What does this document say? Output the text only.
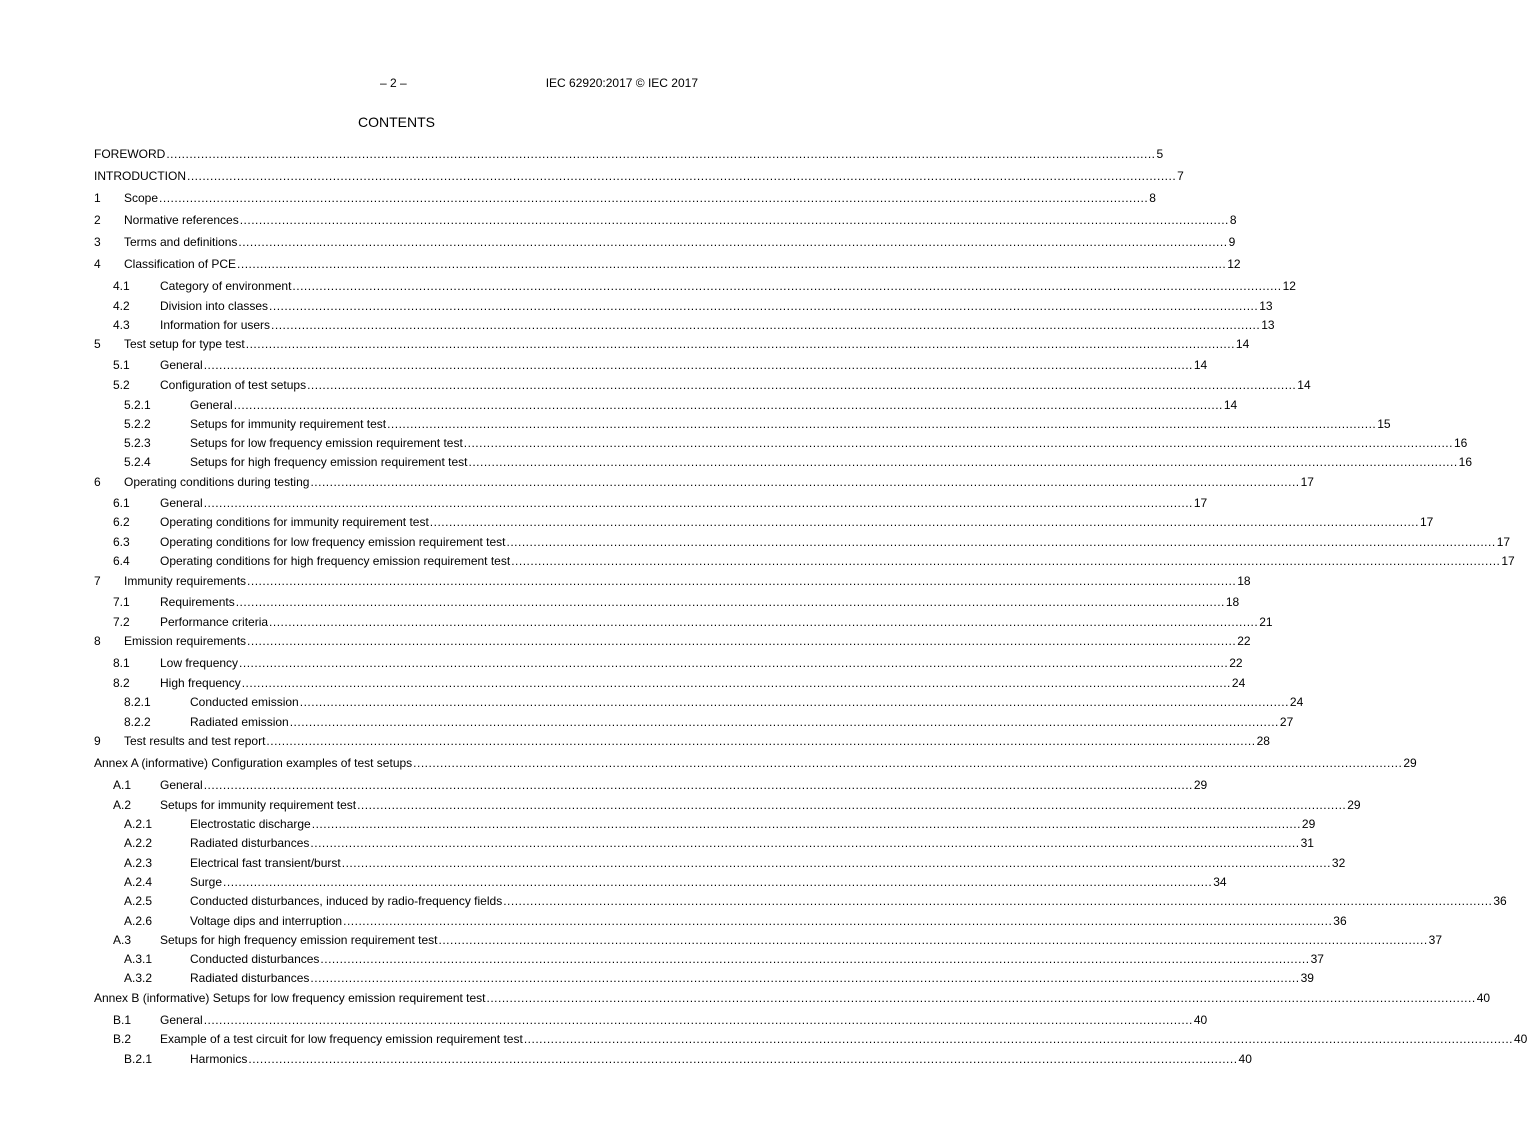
– 2 –	IEC 62920:2017 © IEC 2017
CONTENTS
FOREWORD .................................................................................................................................................................................................................................................................. 5
INTRODUCTION .................................................................................................................................................................................................................................................................. 7
1	Scope .................................................................................................................................................................................................................................................................. 8
2	Normative references .................................................................................................................................................................................................................................................................. 8
3	Terms and definitions .................................................................................................................................................................................................................................................................. 9
4	Classification of PCE .................................................................................................................................................................................................................................................................. 12
4.1	Category of environment .................................................................................................................................................................................................................................................................. 12
4.2	Division into classes .................................................................................................................................................................................................................................................................. 13
4.3	Information for users .................................................................................................................................................................................................................................................................. 13
5	Test setup for type test .................................................................................................................................................................................................................................................................. 14
5.1	General .................................................................................................................................................................................................................................................................. 14
5.2	Configuration of test setups .................................................................................................................................................................................................................................................................. 14
5.2.1	General .................................................................................................................................................................................................................................................................. 14
5.2.2	Setups for immunity requirement test .................................................................................................................................................................................................................................................................. 15
5.2.3	Setups for low frequency emission requirement test .................................................................................................................................................................................................................................................................. 16
5.2.4	Setups for high frequency emission requirement test .................................................................................................................................................................................................................................................................. 16
6	Operating conditions during testing .................................................................................................................................................................................................................................................................. 17
6.1	General .................................................................................................................................................................................................................................................................. 17
6.2	Operating conditions for immunity requirement test .................................................................................................................................................................................................................................................................. 17
6.3	Operating conditions for low frequency emission requirement test .................................................................................................................................................................................................................................................................. 17
6.4	Operating conditions for high frequency emission requirement test .................................................................................................................................................................................................................................................................. 17
7	Immunity requirements .................................................................................................................................................................................................................................................................. 18
7.1	Requirements .................................................................................................................................................................................................................................................................. 18
7.2	Performance criteria .................................................................................................................................................................................................................................................................. 21
8	Emission requirements .................................................................................................................................................................................................................................................................. 22
8.1	Low frequency .................................................................................................................................................................................................................................................................. 22
8.2	High frequency .................................................................................................................................................................................................................................................................. 24
8.2.1	Conducted emission .................................................................................................................................................................................................................................................................. 24
8.2.2	Radiated emission .................................................................................................................................................................................................................................................................. 27
9	Test results and test report .................................................................................................................................................................................................................................................................. 28
Annex A (informative) Configuration examples of test setups .................................................................................................................................................................................................................................................................. 29
A.1	General .................................................................................................................................................................................................................................................................. 29
A.2	Setups for immunity requirement test .................................................................................................................................................................................................................................................................. 29
A.2.1	Electrostatic discharge .................................................................................................................................................................................................................................................................. 29
A.2.2	Radiated disturbances .................................................................................................................................................................................................................................................................. 31
A.2.3	Electrical fast transient/burst .................................................................................................................................................................................................................................................................. 32
A.2.4	Surge .................................................................................................................................................................................................................................................................. 34
A.2.5	Conducted disturbances, induced by radio-frequency fields .................................................................................................................................................................................................................................................................. 36
A.2.6	Voltage dips and interruption .................................................................................................................................................................................................................................................................. 36
A.3	Setups for high frequency emission requirement test .................................................................................................................................................................................................................................................................. 37
A.3.1	Conducted disturbances .................................................................................................................................................................................................................................................................. 37
A.3.2	Radiated disturbances .................................................................................................................................................................................................................................................................. 39
Annex B (informative) Setups for low frequency emission requirement test .................................................................................................................................................................................................................................................................. 40
B.1	General .................................................................................................................................................................................................................................................................. 40
B.2	Example of a test circuit for low frequency emission requirement test .................................................................................................................................................................................................................................................................. 40
B.2.1	Harmonics .................................................................................................................................................................................................................................................................. 40
